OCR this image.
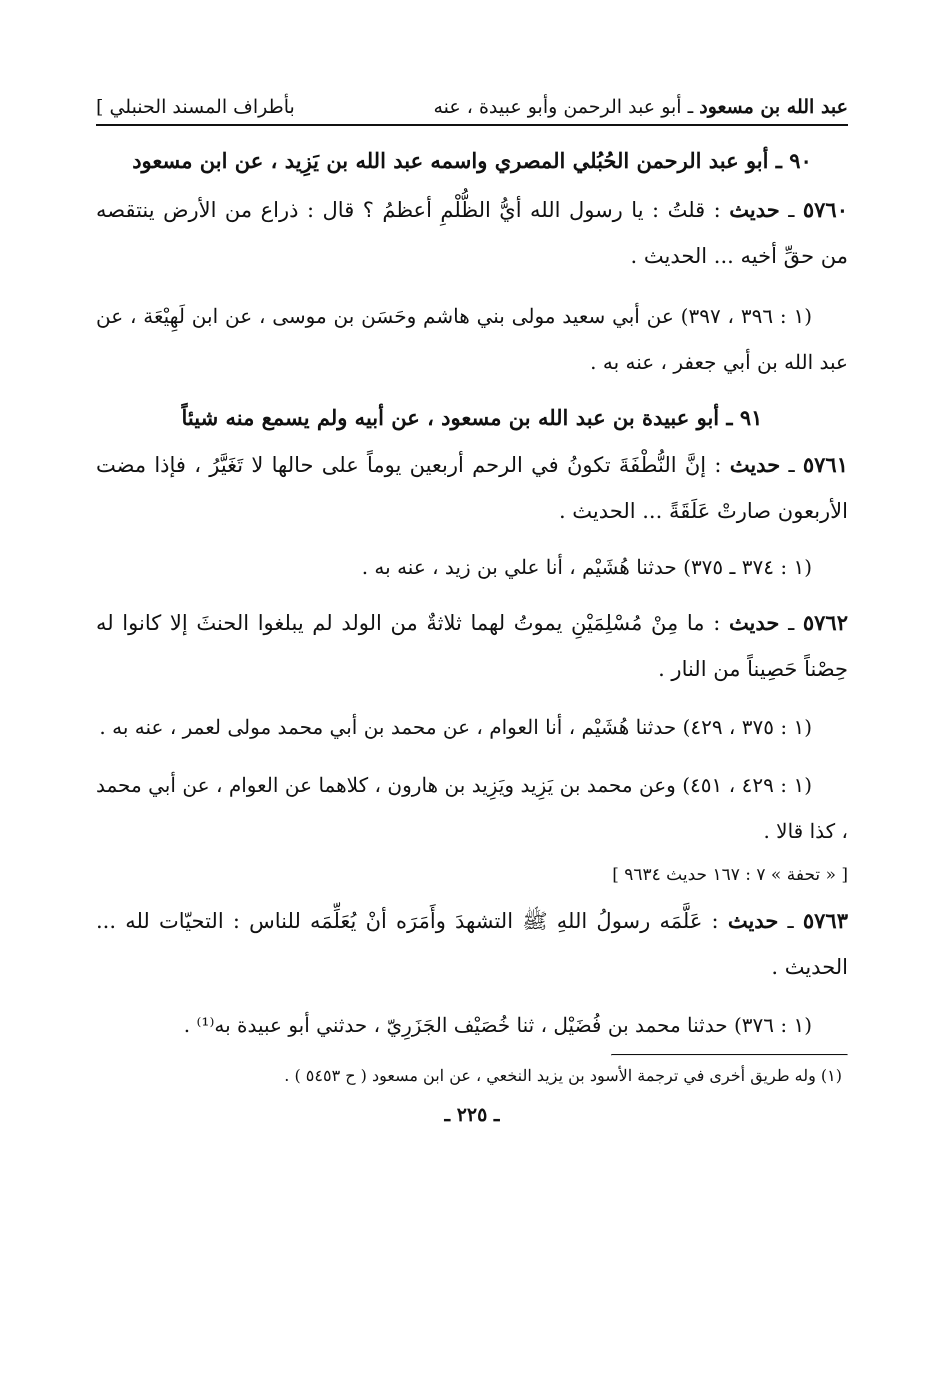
عبد الله بن مسعود ـ أبو عبد الرحمن وأبو عبيدة ، عنه
بأطراف المسند الحنبلي ]
٩٠ ـ أبو عبد الرحمن الحُبُلي المصري واسمه عبد الله بن يَزِيد ، عن ابن مسعود
٥٧٦٠ ـ حديث : قلتُ : يا رسول الله أيُّ الظُّلْمِ أعظمُ ؟ قال : ذراع من الأرض ينتقصه من حقِّ أخيه ... الحديث .
(١ : ٣٩٦ ، ٣٩٧) عن أبي سعيد مولى بني هاشم وحَسَن بن موسى ، عن ابن لَهِيْعَة ، عن عبد الله بن أبي جعفر ، عنه به .
٩١ ـ أبو عبيدة بن عبد الله بن مسعود ، عن أبيه ولم يسمع منه شيئاً
٥٧٦١ ـ حديث : إنَّ النُّطْفَةَ تكونُ في الرحم أربعين يوماً على حالها لا تَغَيَّرُ ، فإذا مضت الأربعون صارتْ عَلَقَةً ... الحديث .
(١ : ٣٧٤ ـ ٣٧٥) حدثنا هُشَيْم ، أنا علي بن زيد ، عنه به .
٥٧٦٢ ـ حديث : ما مِنْ مُسْلِمَيْنِ يموتُ لهما ثلاثةٌ من الولد لم يبلغوا الحنثَ إلا كانوا له حِصْناً حَصِيناً من النار .
(١ : ٣٧٥ ، ٤٢٩) حدثنا هُشَيْم ، أنا العوام ، عن محمد بن أبي محمد مولى لعمر ، عنه به .
(١ : ٤٢٩ ، ٤٥١) وعن محمد بن يَزِيد ويَزِيد بن هارون ، كلاهما عن العوام ، عن أبي محمد ، كذا قالا .
[ « تحفة » ٧ : ١٦٧ حديث ٩٦٣٤ ]
٥٧٦٣ ـ حديث : عَلَّمَه رسولُ اللهِ ﷺ التشهدَ وأَمَرَه أنْ يُعَلِّمَه للناس : التحيّات لله ... الحديث .
(١ : ٣٧٦) حدثنا محمد بن فُضَيْل ، ثنا خُصَيْف الجَزَرِيّ ، حدثني أبو عبيدة به⁽¹⁾ .
(١) وله طريق أخرى في ترجمة الأسود بن يزيد النخعي ، عن ابن مسعود ( ح ٥٤٥٣ ) .
ـ ٢٢٥ ـ
